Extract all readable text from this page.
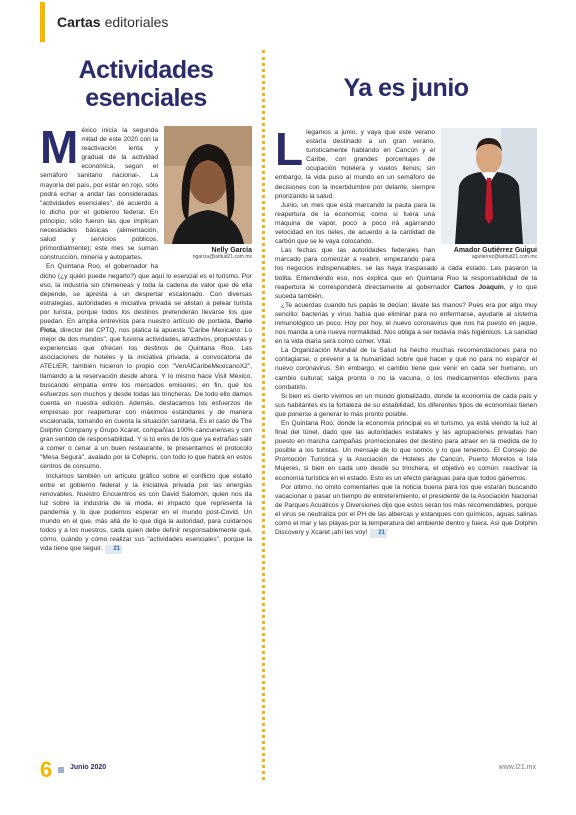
Cartas editoriales
Actividades
esenciales
Nelly García
ngarcia@latitud21.com.mx
M éxico inicia la segunda mitad de este 2020 con la reactivación lenta y gradual de la actividad económica, según el semáforo sanitario nacional-. La mayoría del país, por estar en rojo, sólo podrá echar a andar las consideradas "actividades esenciales", de acuerdo a lo dicho por el gobierno federal. En principio, sólo fueron las que implican necesidades básicas (alimentación, salud y servicios públicos, primordialmente); este mes se suman construcción, minería y autopartes.

En Quintana Roo, el gobernador ha dicho (¿y quién puede negarlo?) que aquí lo esencial es el turismo. Por eso, la industria sin chimeneas y toda la cadena de valor que de ella depende, se apresta a un despertar escalonado. Con diversas estrategias, autoridades e iniciativa privada se alistan a pelear turista por turista, porque todos los destinos pretenderán llevarse los que puedan. En amplia entrevista para nuestro artículo de portada, Dario Flota, director del CPTQ, nos platica la apuesta "Caribe Mexicano: Lo mejor de dos mundos", que fusiona actividades, atractivos, propuestas y experiencias que ofrecen los destinos de Quintana Roo. Las asociaciones de hoteles y la iniciativa privada, a convocatoria de ATELIER, también hicieron lo propio con "VenAlCaribeMexicanoX2", llamando a la reservación desde ahora. Y lo mismo hace Visit México, buscando empatía entre los mercados emisores; en fin, que los esfuerzos son muchos y desde todas las trincheras. De todo ello damos cuenta en nuestra edición. Además, destacamos los esfuerzos de empresas por reaperturar con máximos estándares y de manera escalonada, tomando en cuenta la situación sanitaria. Es el caso de The Dolphin Company y Grupo Xcaret, compañías 100% cancunenses y con gran sentido de responsabilidad. Y si tú eres de los que ya extrañas salir a comer o cenar a un buen restaurante, te presentamos el protocolo "Mesa Segura", avalado por la Cofepris, con todo lo que habrá en estos centros de consumo.

Incluimos también un artículo gráfico sobre el conflicto que estalló entre el gobierno federal y la iniciativa privada por las energías renovables. Nuestro Encuentros es con David Salomón, quien nos da luz sobre la industria de la moda, el impacto que representa la pandemia y lo que podemos esperar en el mundo post-Covid. Un mundo en el que, más allá de lo que diga la autoridad, para cuidarnos todos y a los nuestros, cada quien debe definir responsablemente qué, cómo, cuándo y cómo realizar sus "actividades esenciales", porque la vida tiene que seguir. 21

Ya es junio
Amador Gutiérrez Guigui
agutierrez@latitud21.com.mx
L legamos a junio, y vaya que este verano estaría destinado a un gran verano, turísticamente hablando en Cancún y el Caribe, con grandes porcentajes de ocupación hotelera y vuelos llenos; sin embargo, la vida puso al mundo en un semáforo de decisiones con la incertidumbre por delante, siempre priorizando la salud.

Junio, un mes que está marcando la pauta para la reapertura de la economía; como si fuera una máquina de vapor, poco a poco irá agarrando velocidad en los rieles, de acuerdo a la cantidad de carbón que se le vaya colocando.

Las fechas que las autoridades federales han marcado para comenzar a reabrir, empezando para los negocios indispensables, se las haya traspasado a cada estado. Les pasaron la bolita. Entendiendo eso, nos explica que en Quintana Roo la responsabilidad de la reapertura le corresponderá directamente al gobernador Carlos Joaquín, y lo que suceda también.

¿Te acuerdas cuando tus papás te decían: lávate las manos? Pues era por algo muy sencillo: bacterias y virus había que eliminar para no enfermarse, ayudarle al sistema inmunológico un poco. Hoy por hoy, el nuevo coronavirus que nos ha puesto en jaque, nos manda a una nueva normalidad. Nos obliga a ser todavía más higiénicos. La sanidad en la vida diaria será como comer. Vital.

La Organización Mundial de la Salud ha hecho muchas recomendaciones para no contagiarse, o prevenir a la humanidad sobre qué hacer y qué no para no esparcir el nuevo coronavirus. Sin embargo, el cambio tiene que venir en cada ser humano, un cambio cultural; salga pronto o no la vacuna, o los medicamentos efectivos para combatirlo.

Si bien es cierto vivimos en un mundo globalizado, donde la economía de cada país y sus habitantes es la fortaleza de su estabilidad, los diferentes tipos de economías tienen que ponerse a generar lo más pronto posible.

En Quintana Roo, donde la economía principal es el turismo, ya está viendo la luz al final del túnel, dado que las autoridades estatales y las agrupaciones privadas han puesto en marcha campañas promocionales del destino para atraer en la medida de lo posible a los turistas. Un mensaje de lo que somos y lo que tenemos. El Consejo de Promoción Turística y la Asociación de Hoteles de Cancún, Puerto Morelos e Isla Mujeres, si bien en cada uno desde su trinchera, el objetivo es común: reactivar la economía turística en el estado. Esto es un efecto paraguas para que todos ganemos.

Por último, no omito comentarles que la noticia buena para los que estarán buscando vacacionar o pasar un tiempo de entretenimiento, el presidente de la Asociación Nacional de Parques Acuáticos y Diversiones dijo que estos serán los más recomendables, porque el virus se neutraliza por el PH de las albercas y estanques con químicos, aguas salinas como el mar y las playas por la temperatura del ambiente dentro y fuera. Así que Dolphin Discovery y Xcaret ¡ahí les voy! 21

6	Junio 2020	www.l21.mx
